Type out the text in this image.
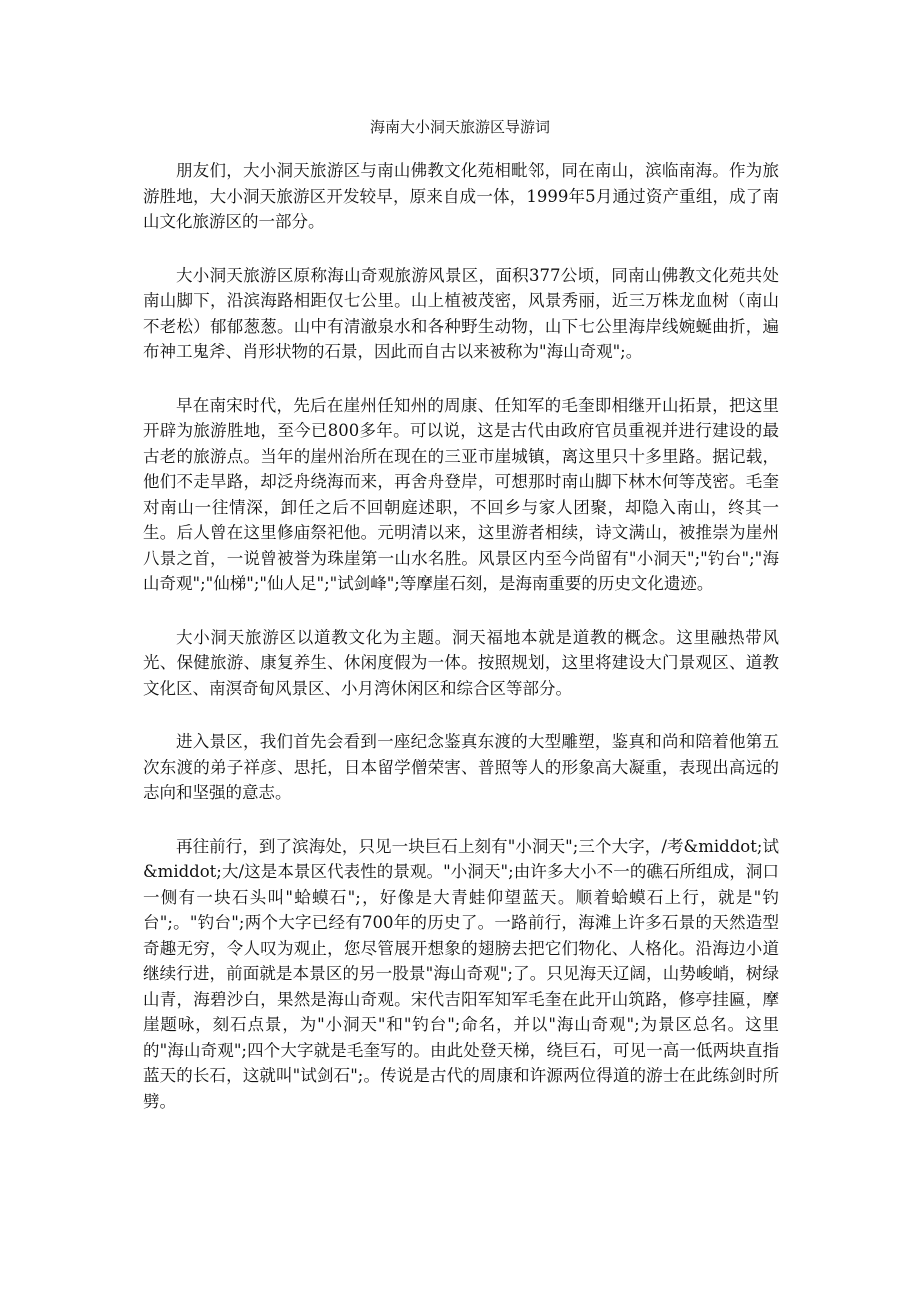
海南大小洞天旅游区导游词

朋友们，大小洞天旅游区与南山佛教文化苑相毗邻，同在南山，滨临南海。作为旅游胜地，大小洞天旅游区开发较早，原来自成一体，1999年5月通过资产重组，成了南山文化旅游区的一部分。

大小洞天旅游区原称海山奇观旅游风景区，面积377公顷，同南山佛教文化苑共处南山脚下，沿滨海路相距仅七公里。山上植被茂密，风景秀丽，近三万株龙血树（南山不老松）郁郁葱葱。山中有清澈泉水和各种野生动物，山下七公里海岸线婉蜒曲折，遍布神工鬼斧、肖形状物的石景，因此而自古以来被称为"海山奇观";。

早在南宋时代，先后在崖州任知州的周康、任知军的毛奎即相继开山拓景，把这里开辟为旅游胜地，至今已800多年。可以说，这是古代由政府官员重视并进行建设的最古老的旅游点。当年的崖州治所在现在的三亚市崖城镇，离这里只十多里路。据记载，他们不走旱路，却泛舟绕海而来，再舍舟登岸，可想那时南山脚下林木何等茂密。毛奎对南山一往情深，卸任之后不回朝庭述职，不回乡与家人团聚，却隐入南山，终其一生。后人曾在这里修庙祭祀他。元明清以来，这里游者相续，诗文满山，被推崇为崖州八景之首，一说曾被誉为珠崖第一山水名胜。风景区内至今尚留有"小洞天";"钓台";"海山奇观";"仙梯";"仙人足";"试剑峰";等摩崖石刻，是海南重要的历史文化遗迹。

大小洞天旅游区以道教文化为主题。洞天福地本就是道教的概念。这里融热带风光、保健旅游、康复养生、休闲度假为一体。按照规划，这里将建设大门景观区、道教文化区、南溟奇甸风景区、小月湾休闲区和综合区等部分。

进入景区，我们首先会看到一座纪念鉴真东渡的大型雕塑，鉴真和尚和陪着他第五次东渡的弟子祥彦、思托，日本留学僧荣害、普照等人的形象高大凝重，表现出高远的志向和坚强的意志。

再往前行，到了滨海处，只见一块巨石上刻有"小洞天";三个大字，/考&middot;试&middot;大/这是本景区代表性的景观。"小洞天";由许多大小不一的礁石所组成，洞口一侧有一块石头叫"蛤蟆石";，好像是大青蛙仰望蓝天。顺着蛤蟆石上行，就是"钓台";。"钓台";两个大字已经有700年的历史了。一路前行，海滩上许多石景的天然造型奇趣无穷，令人叹为观止，您尽管展开想象的翅膀去把它们物化、人格化。沿海边小道继续行进，前面就是本景区的另一股景"海山奇观";了。只见海天辽阔，山势峻峭，树绿山青，海碧沙白，果然是海山奇观。宋代吉阳军知军毛奎在此开山筑路，修亭挂匾，摩崖题咏，刻石点景，为"小洞天"和"钓台";命名，并以"海山奇观";为景区总名。这里的"海山奇观";四个大字就是毛奎写的。由此处登天梯，绕巨石，可见一高一低两块直指蓝天的长石，这就叫"试剑石";。传说是古代的周康和许源两位得道的游士在此练剑时所劈。
